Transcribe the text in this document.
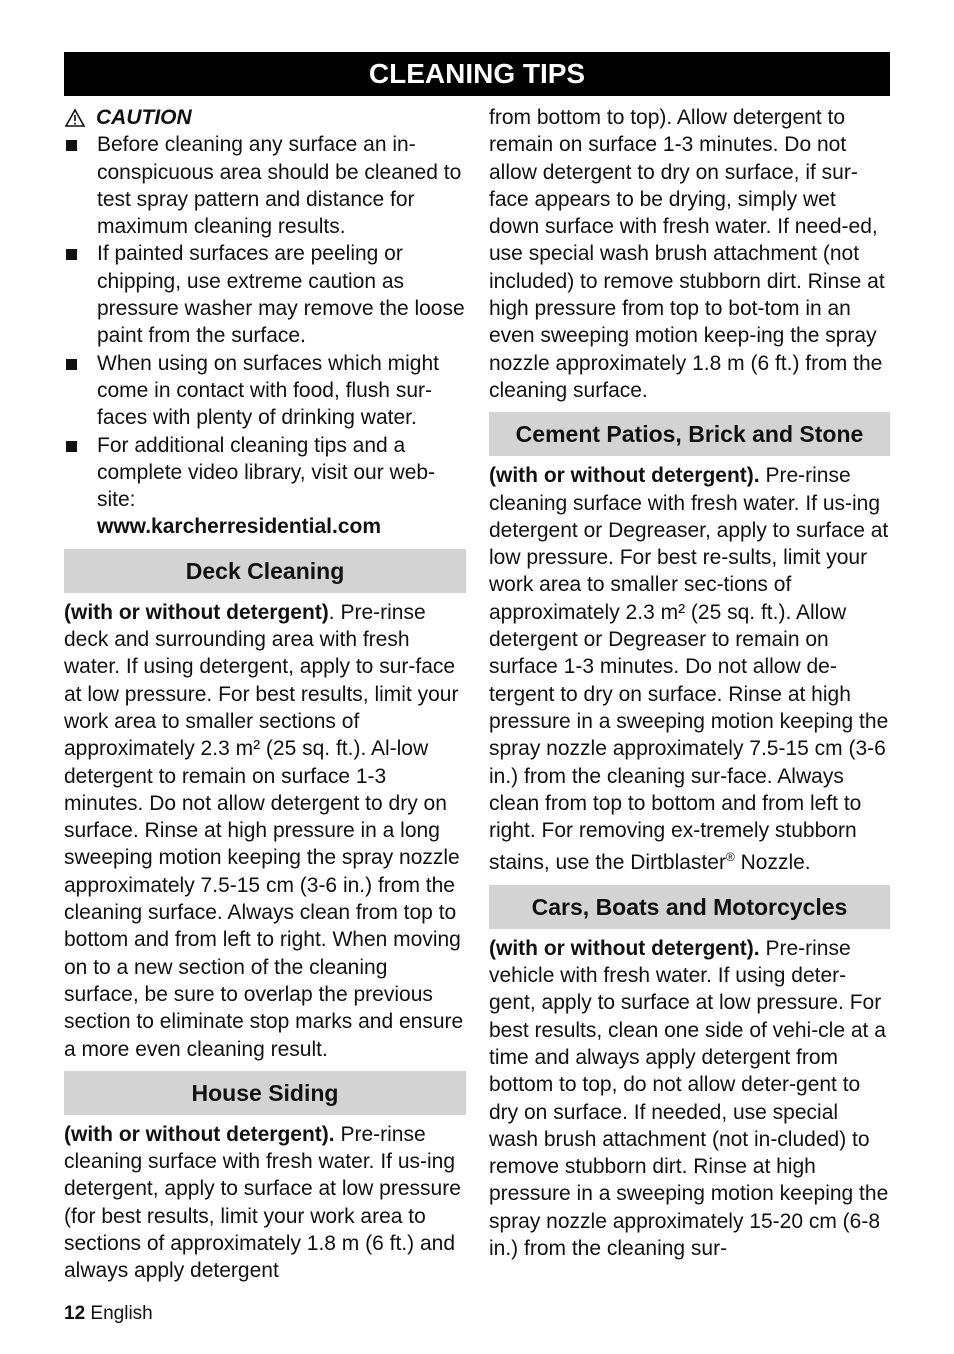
CLEANING TIPS
CAUTION
Before cleaning any surface an in-conspicuous area should be cleaned to test spray pattern and distance for maximum cleaning results.
If painted surfaces are peeling or chipping, use extreme caution as pressure washer may remove the loose paint from the surface.
When using on surfaces which might come in contact with food, flush sur-faces with plenty of drinking water.
For additional cleaning tips and a complete video library, visit our web-site:
www.karcherresidential.com
Deck Cleaning

(with or without detergent). Pre-rinse deck and surrounding area with fresh water. If using detergent, apply to sur-face at low pressure. For best results, limit your work area to smaller sections of approximately 2.3 m² (25 sq. ft.). Al-low detergent to remain on surface 1-3 minutes. Do not allow detergent to dry on surface. Rinse at high pressure in a long sweeping motion keeping the spray nozzle approximately 7.5-15 cm (3-6 in.) from the cleaning surface. Always clean from top to bottom and from left to right. When moving on to a new section of the cleaning surface, be sure to overlap the previous section to eliminate stop marks and ensure a more even cleaning result.

House Siding

(with or without detergent). Pre-rinse cleaning surface with fresh water. If us-ing detergent, apply to surface at low pressure (for best results, limit your work area to sections of approximately 1.8 m (6 ft.) and always apply detergent

from bottom to top). Allow detergent to remain on surface 1-3 minutes. Do not allow detergent to dry on surface, if sur-face appears to be drying, simply wet down surface with fresh water. If need-ed, use special wash brush attachment (not included) to remove stubborn dirt. Rinse at high pressure from top to bot-tom in an even sweeping motion keep-ing the spray nozzle approximately 1.8 m (6 ft.) from the cleaning surface.

Cement Patios, Brick and Stone

(with or without detergent). Pre-rinse cleaning surface with fresh water. If us-ing detergent or Degreaser, apply to surface at low pressure. For best re-sults, limit your work area to smaller sec-tions of approximately 2.3 m² (25 sq. ft.). Allow detergent or Degreaser to remain on surface 1-3 minutes. Do not allow de-tergent to dry on surface. Rinse at high pressure in a sweeping motion keeping the spray nozzle approximately 7.5-15 cm (3-6 in.) from the cleaning sur-face. Always clean from top to bottom and from left to right. For removing ex-tremely stubborn stains, use the Dirtblaster® Nozzle.

Cars, Boats and Motorcycles

(with or without detergent). Pre-rinse vehicle with fresh water. If using deter-gent, apply to surface at low pressure. For best results, clean one side of vehi-cle at a time and always apply detergent from bottom to top, do not allow deter-gent to dry on surface. If needed, use special wash brush attachment (not in-cluded) to remove stubborn dirt. Rinse at high pressure in a sweeping motion keeping the spray nozzle approximately 15-20 cm (6-8 in.) from the cleaning sur-

12 English
